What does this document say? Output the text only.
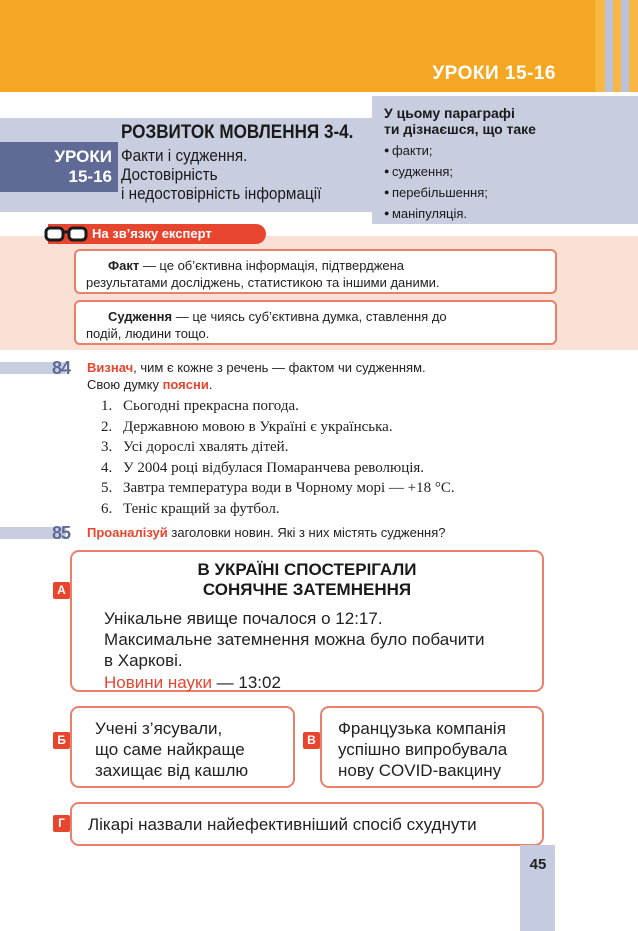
УРОКИ 15-16
УРОКИ
15-16
РОЗВИТОК МОВЛЕННЯ 3-4.
Факти і судження.
Достовірність
і недостовірність інформації
У цьому параграфі
ти дізнаєшся, що таке
● факти;
● судження;
● перебільшення;
● маніпуляція.
На зв’язку експерт
Факт — це об’єктивна інформація, підтверджена
результатами досліджень, статистикою та іншими даними.
Судження — це чиясь суб’єктивна думка, ставлення до
подій, людини тощо.
84 Визнач, чим є кожне з речень — фактом чи судженням.
Свою думку поясни.
1. Сьогодні прекрасна погода.
2. Державною мовою в Україні є українська.
3. Усі дорослі хвалять дітей.
4. У 2004 році відбулася Помаранчева революція.
5. Завтра температура води в Чорному морі — +18 °С.
6. Теніс кращий за футбол.
85 Проаналізуй заголовки новин. Які з них містять судження?
В УКРАЇНІ СПОСТЕРІГАЛИ
СОНЯЧНЕ ЗАТЕМНЕННЯ
Унікальне явище почалося о 12:17.
Максимальне затемнення можна було побачити
в Харкові.
Новини науки — 13:02
А
Учені з’ясували,
що саме найкраще
захищає від кашлю
Б
Французька компанія
успішно випробувала
нову COVID-вакцину
В
Лікарі назвали найефективніший спосіб схуднути
Г
45
